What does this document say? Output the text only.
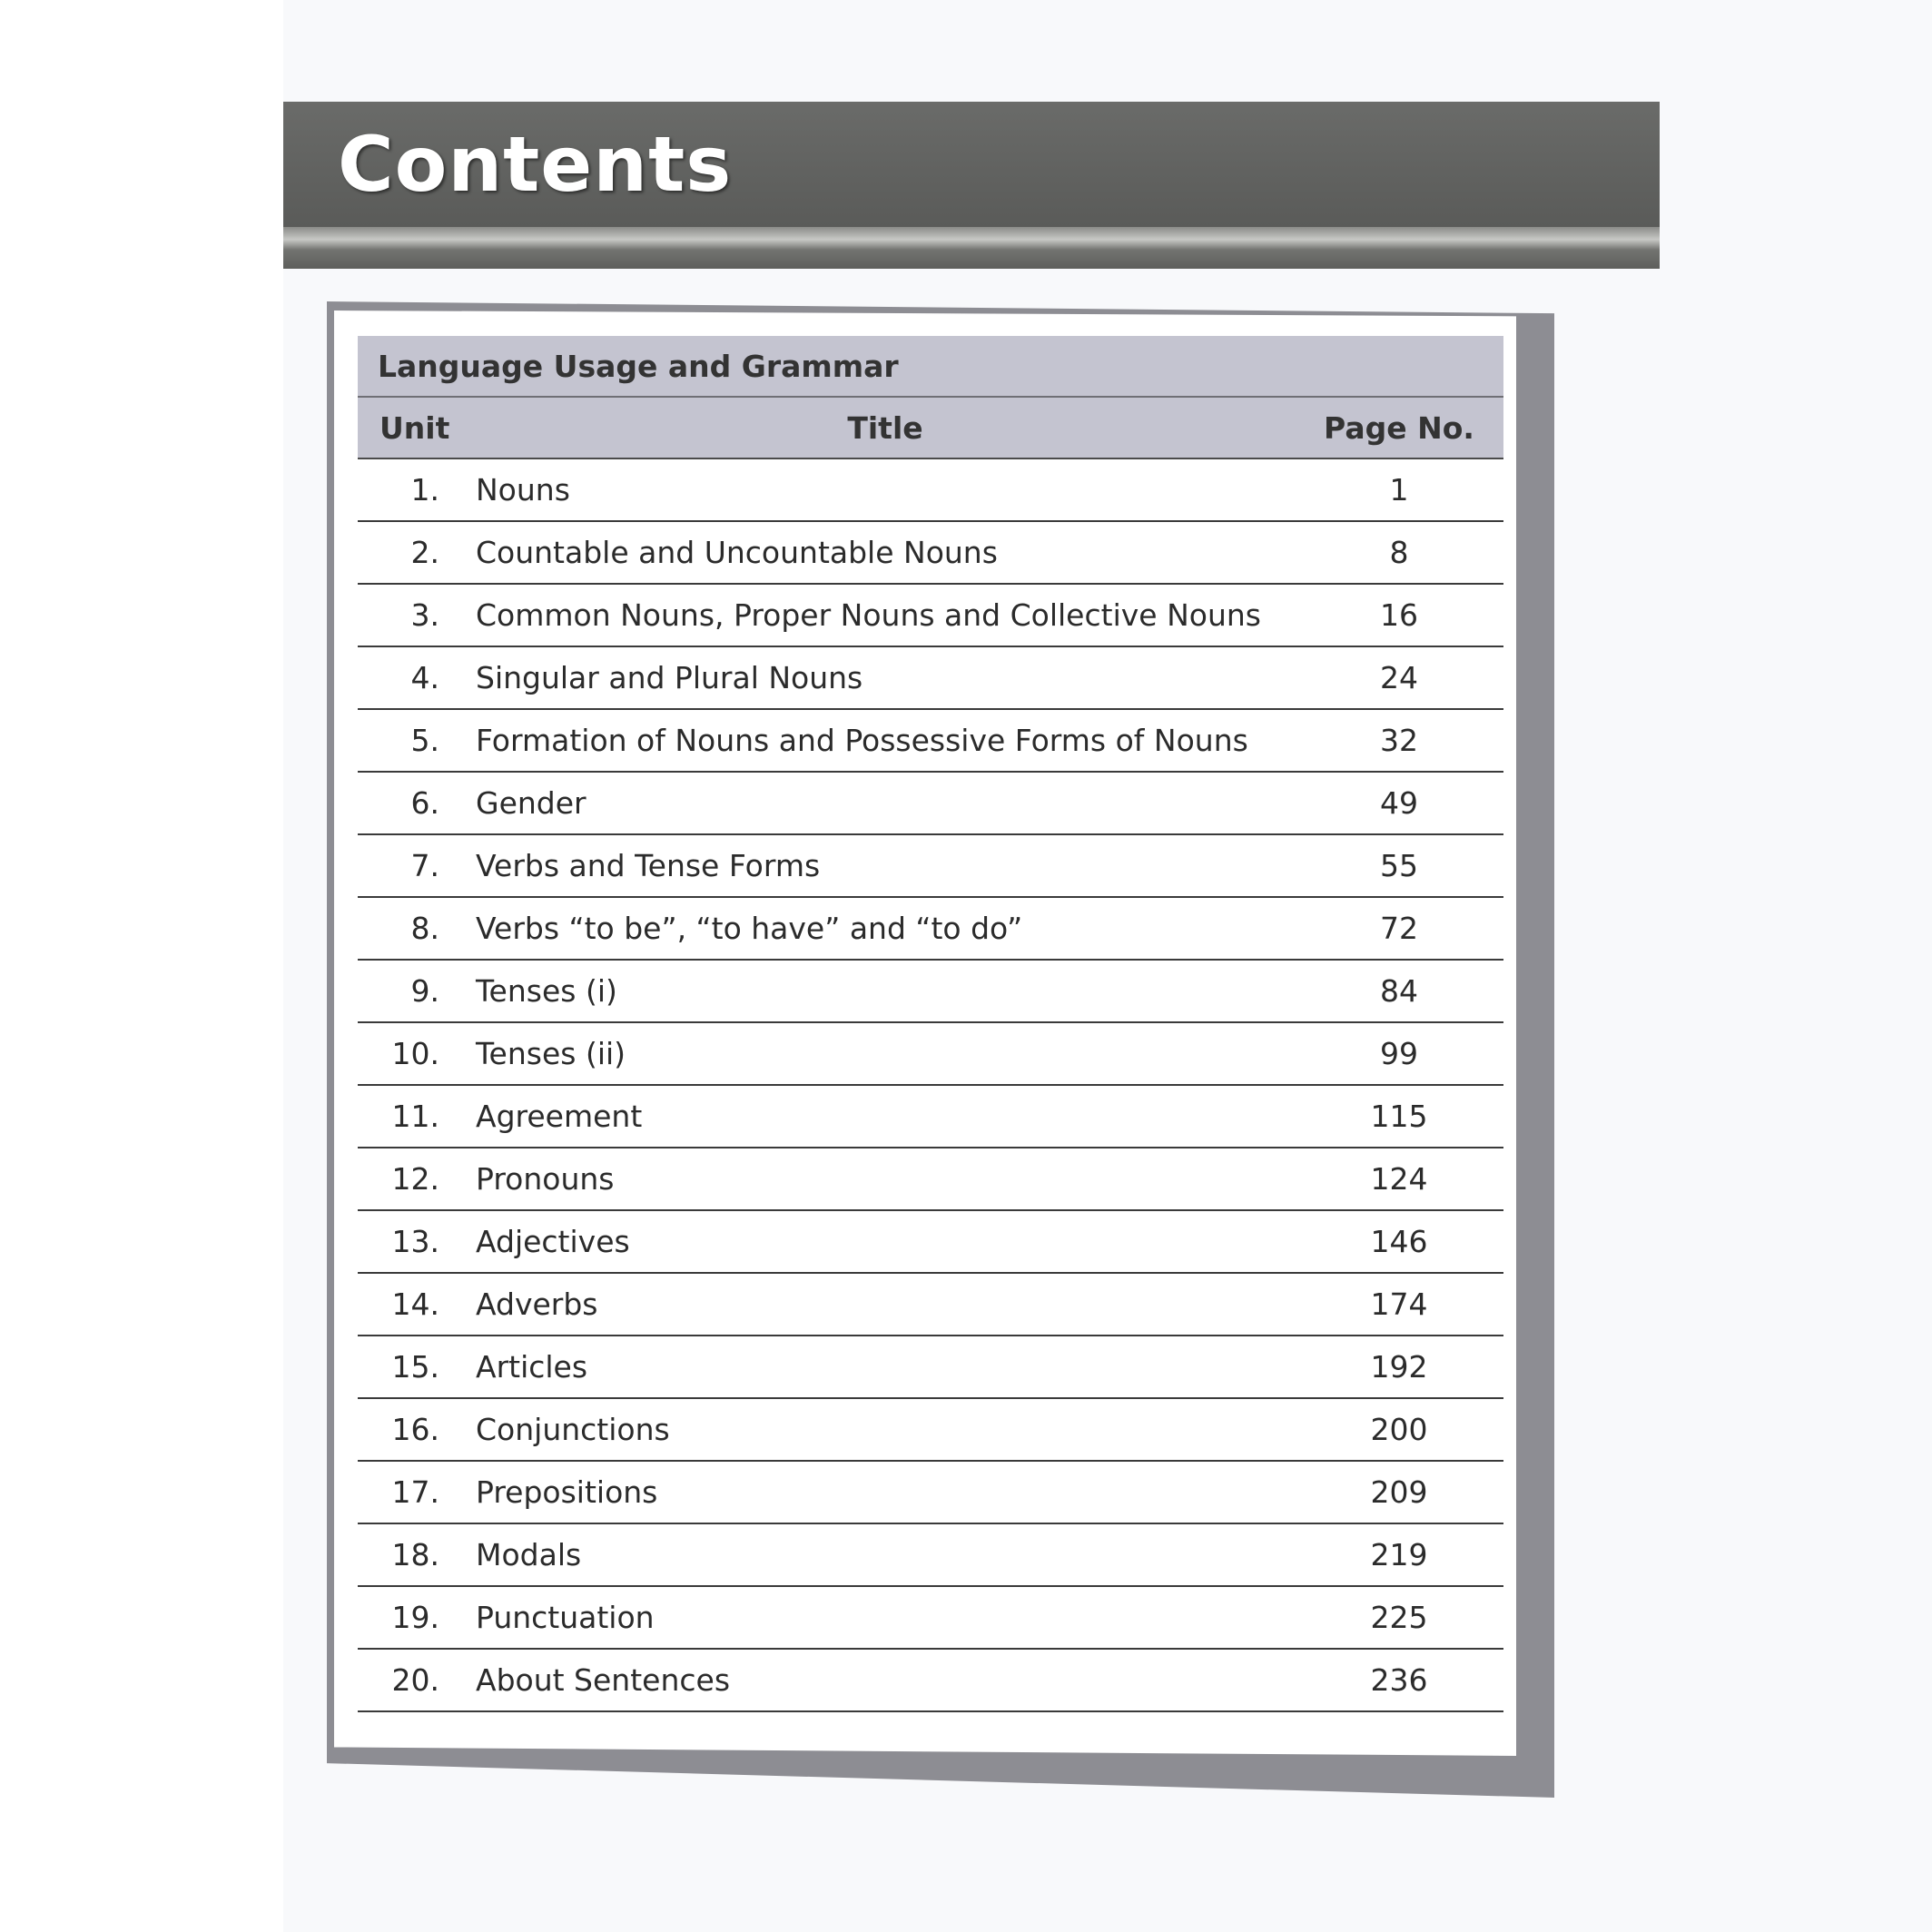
Contents
Language Usage and Grammar
Unit	Title	Page No.
1.	Nouns	1
2.	Countable and Uncountable Nouns	8
3.	Common Nouns, Proper Nouns and Collective Nouns	16
4.	Singular and Plural Nouns	24
5.	Formation of Nouns and Possessive Forms of Nouns	32
6.	Gender	49
7.	Verbs and Tense Forms	55
8.	Verbs “to be”, “to have” and “to do”	72
9.	Tenses (i)	84
10.	Tenses (ii)	99
11.	Agreement	115
12.	Pronouns	124
13.	Adjectives	146
14.	Adverbs	174
15.	Articles	192
16.	Conjunctions	200
17.	Prepositions	209
18.	Modals	219
19.	Punctuation	225
20.	About Sentences	236
